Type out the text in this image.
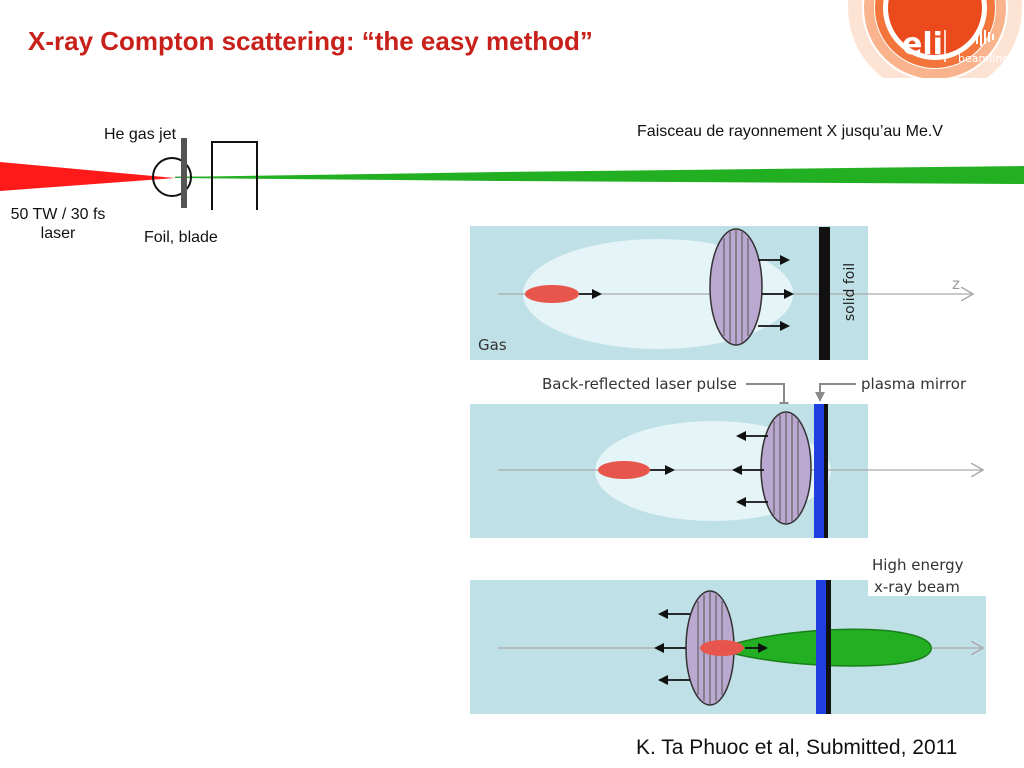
X-ray Compton scattering: “the easy method”	eli beamlines
He gas jet
50 TW / 30 fs laser	Foil, blade
Faisceau de rayonnement X jusqu’au Me.V
solid foil	z
Gas
Back-reflected laser pulse	plasma mirror
High energy
x-ray beam
K. Ta Phuoc et al, Submitted, 2011
